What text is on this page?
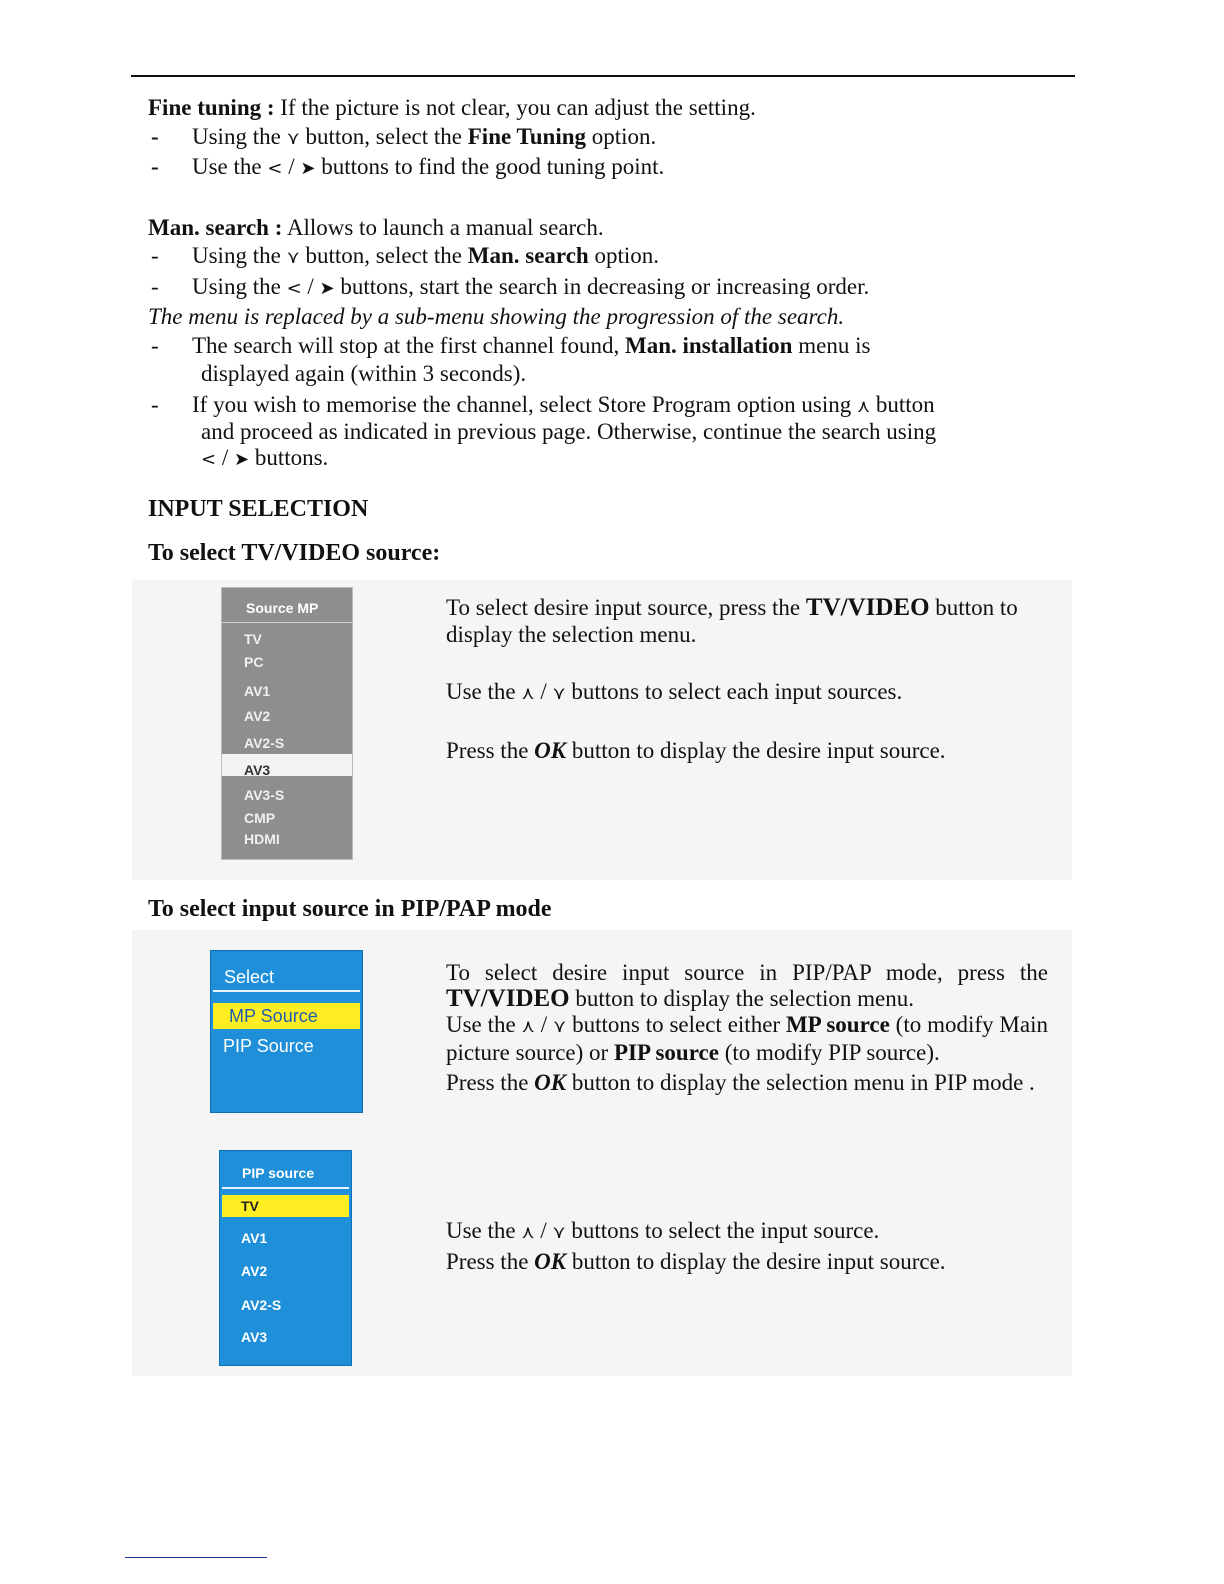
Fine tuning : If the picture is not clear, you can adjust the setting.

- Using the ⋎ button, select the Fine Tuning option.

- Use the < / ➤ buttons to find the good tuning point.

Man. search : Allows to launch a manual search.

- Using the ⋎ button, select the Man. search option.

- Using the < / ➤ buttons, start the search in decreasing or increasing order.

The menu is replaced by a sub-menu showing the progression of the search.

- The search will stop at the first channel found, Man. installation menu is
displayed again (within 3 seconds).
- If you wish to memorise the channel, select Store Program option using ⋏ button
and proceed as indicated in previous page. Otherwise, continue the search using
< / ➤ buttons.
INPUT SELECTION
To select TV/VIDEO source:
Source MP
TV
PC
AV1
AV2
AV2-S
AV3
AV3-S
CMP
HDMI

To select desire input source, press the TV/VIDEO button to display the selection menu.

Use the ⋏ / ⋎ buttons to select each input sources.

Press the OK button to display the desire input source.

To select input source in PIP/PAP mode
Select
MP Source
PIP Source
PIP source
TV
AV1
AV2
AV2-S
AV3

To select desire input source in PIP/PAP mode, press the TV/VIDEO button to display the selection menu.

Use the ⋏ / ⋎ buttons to select either MP source (to modify Main picture source) or PIP source (to modify PIP source).

Press the OK button to display the selection menu in PIP mode .

Use the ⋏ / ⋎ buttons to select the input source.

Press the OK button to display the desire input source.
